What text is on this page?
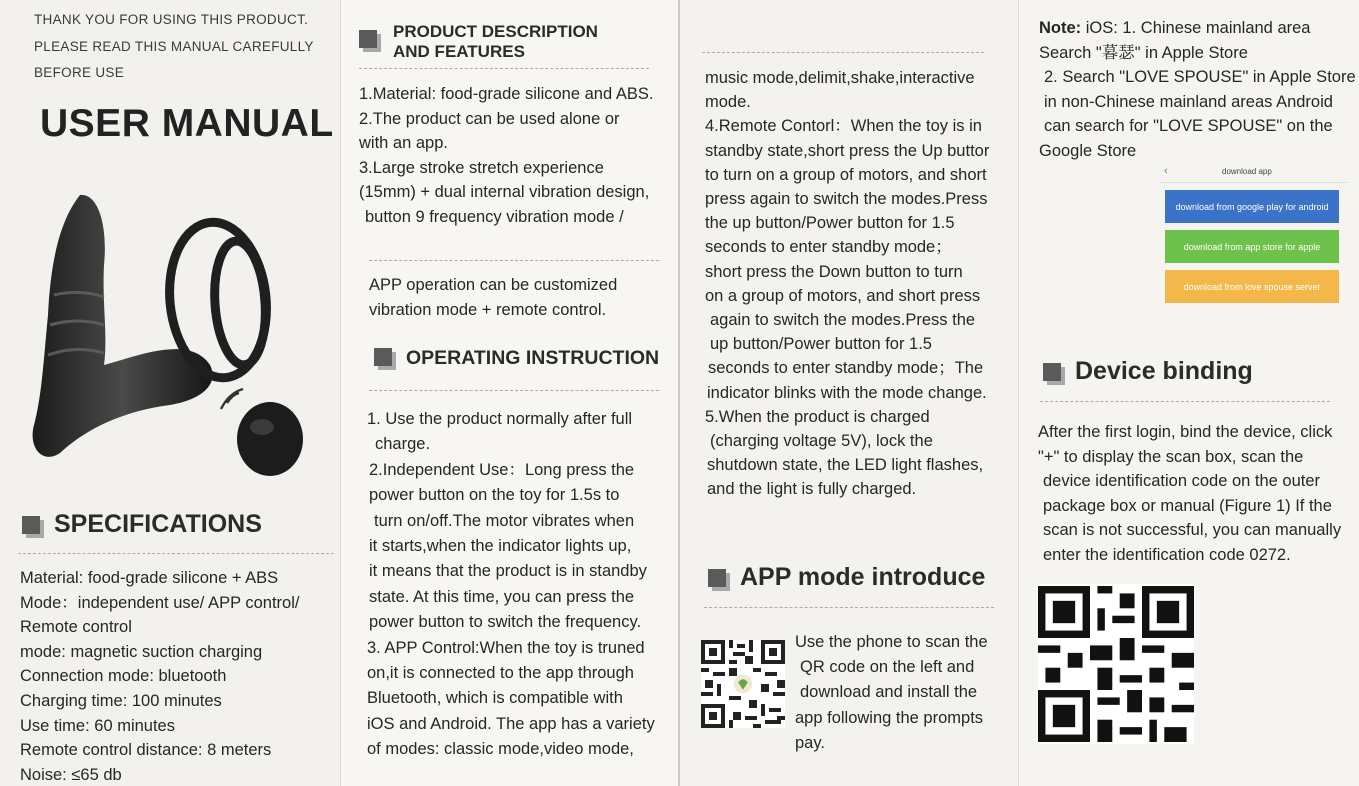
THANK YOU FOR USING THIS PRODUCT.
PLEASE READ THIS MANUAL CAREFULLY
BEFORE USE
USER MANUAL
SPECIFICATIONS
Material: food-grade silicone + ABS
Mode：independent use/ APP control/
Remote control
mode: magnetic suction charging
Connection mode: bluetooth
Charging time: 100 minutes
Use time: 60 minutes
Remote control distance: 8 meters
Noise: ≤65 db
PRODUCT DESCRIPTION
AND FEATURES
1.Material: food-grade silicone and ABS.
2.The product can be used alone or
with an app.
3.Large stroke stretch experience
(15mm) + dual internal vibration design,
button 9 frequency vibration mode /
APP operation can be customized
vibration mode + remote control.
OPERATING INSTRUCTION
1. Use the product normally after full
charge.
2.Independent Use：Long press the
power button on the toy for 1.5s to
turn on/off.The motor vibrates when
it starts,when the indicator lights up,
it means that the product is in standby
state. At this time, you can press the
power button to switch the frequency.
3. APP Control:When the toy is truned
on,it is connected to the app through
Bluetooth, which is compatible with
iOS and Android. The app has a variety
of modes: classic mode,video mode,
music mode,delimit,shake,interactive
mode.
4.Remote Contorl：When the toy is in
standby state,short press the Up buttor
to turn on a group of motors, and short
press again to switch the modes.Press
the up button/Power button for 1.5
seconds to enter standby mode；
short press the Down button to turn
on a group of motors, and short press
again to switch the modes.Press the
up button/Power button for 1.5
seconds to enter standby mode；The
indicator blinks with the mode change.
5.When the product is charged
(charging voltage 5V), lock the
shutdown state, the LED light flashes,
and the light is fully charged.
APP mode introduce
Use the phone to scan the
QR code on the left and
download and install the
app following the prompts
pay.
Note: iOS: 1. Chinese mainland area
Search "暮瑟" in Apple Store
2. Search "LOVE SPOUSE" in Apple Store
in non-Chinese mainland areas Android
can search for "LOVE SPOUSE" on the
Google Store
‹	download app
download from google play for android
download from app store for apple
download from love spouse server
Device binding
After the first login, bind the device, click
"+" to display the scan box, scan the
device identification code on the outer
package box or manual (Figure 1) If the
scan is not successful, you can manually
enter the identification code 0272.
